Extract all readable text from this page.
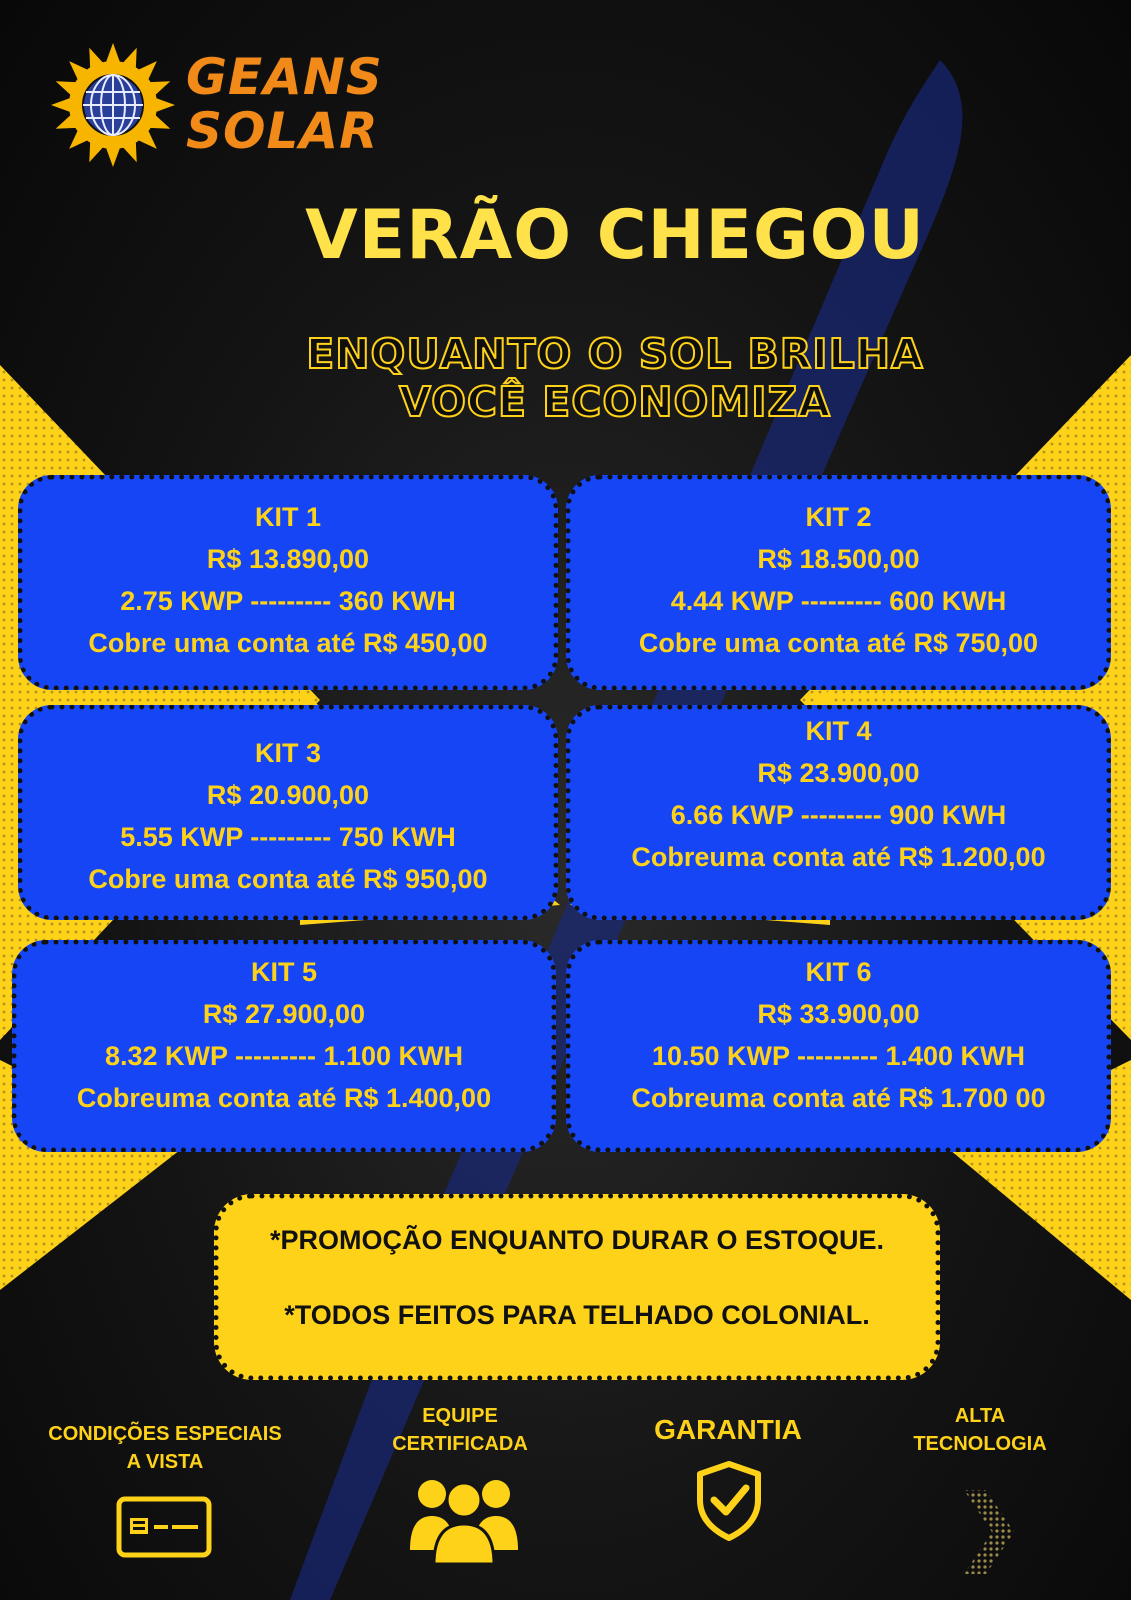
GEANS
SOLAR
VERÃO CHEGOU
ENQUANTO O SOL BRILHA
VOCÊ ECONOMIZA
KIT 1
R$ 13.890,00
2.75 KWP --------- 360 KWH
Cobre uma conta até R$ 450,00
KIT 2
R$ 18.500,00
4.44 KWP --------- 600 KWH
Cobre uma conta até R$ 750,00
KIT 3
R$ 20.900,00
5.55 KWP --------- 750 KWH
Cobre uma conta até R$ 950,00
KIT 4
R$ 23.900,00
6.66 KWP --------- 900 KWH
Cobreuma conta até R$ 1.200,00
KIT 5
R$ 27.900,00
8.32 KWP --------- 1.100 KWH
Cobreuma conta até R$ 1.400,00
KIT 6
R$ 33.900,00
10.50 KWP --------- 1.400 KWH
Cobreuma conta até R$ 1.700 00
*PROMOÇÃO ENQUANTO DURAR O ESTOQUE.
*TODOS FEITOS PARA TELHADO COLONIAL.
CONDIÇÕES ESPECIAIS
A VISTA
EQUIPE
CERTIFICADA	GARANTIA	ALTA
TECNOLOGIA
